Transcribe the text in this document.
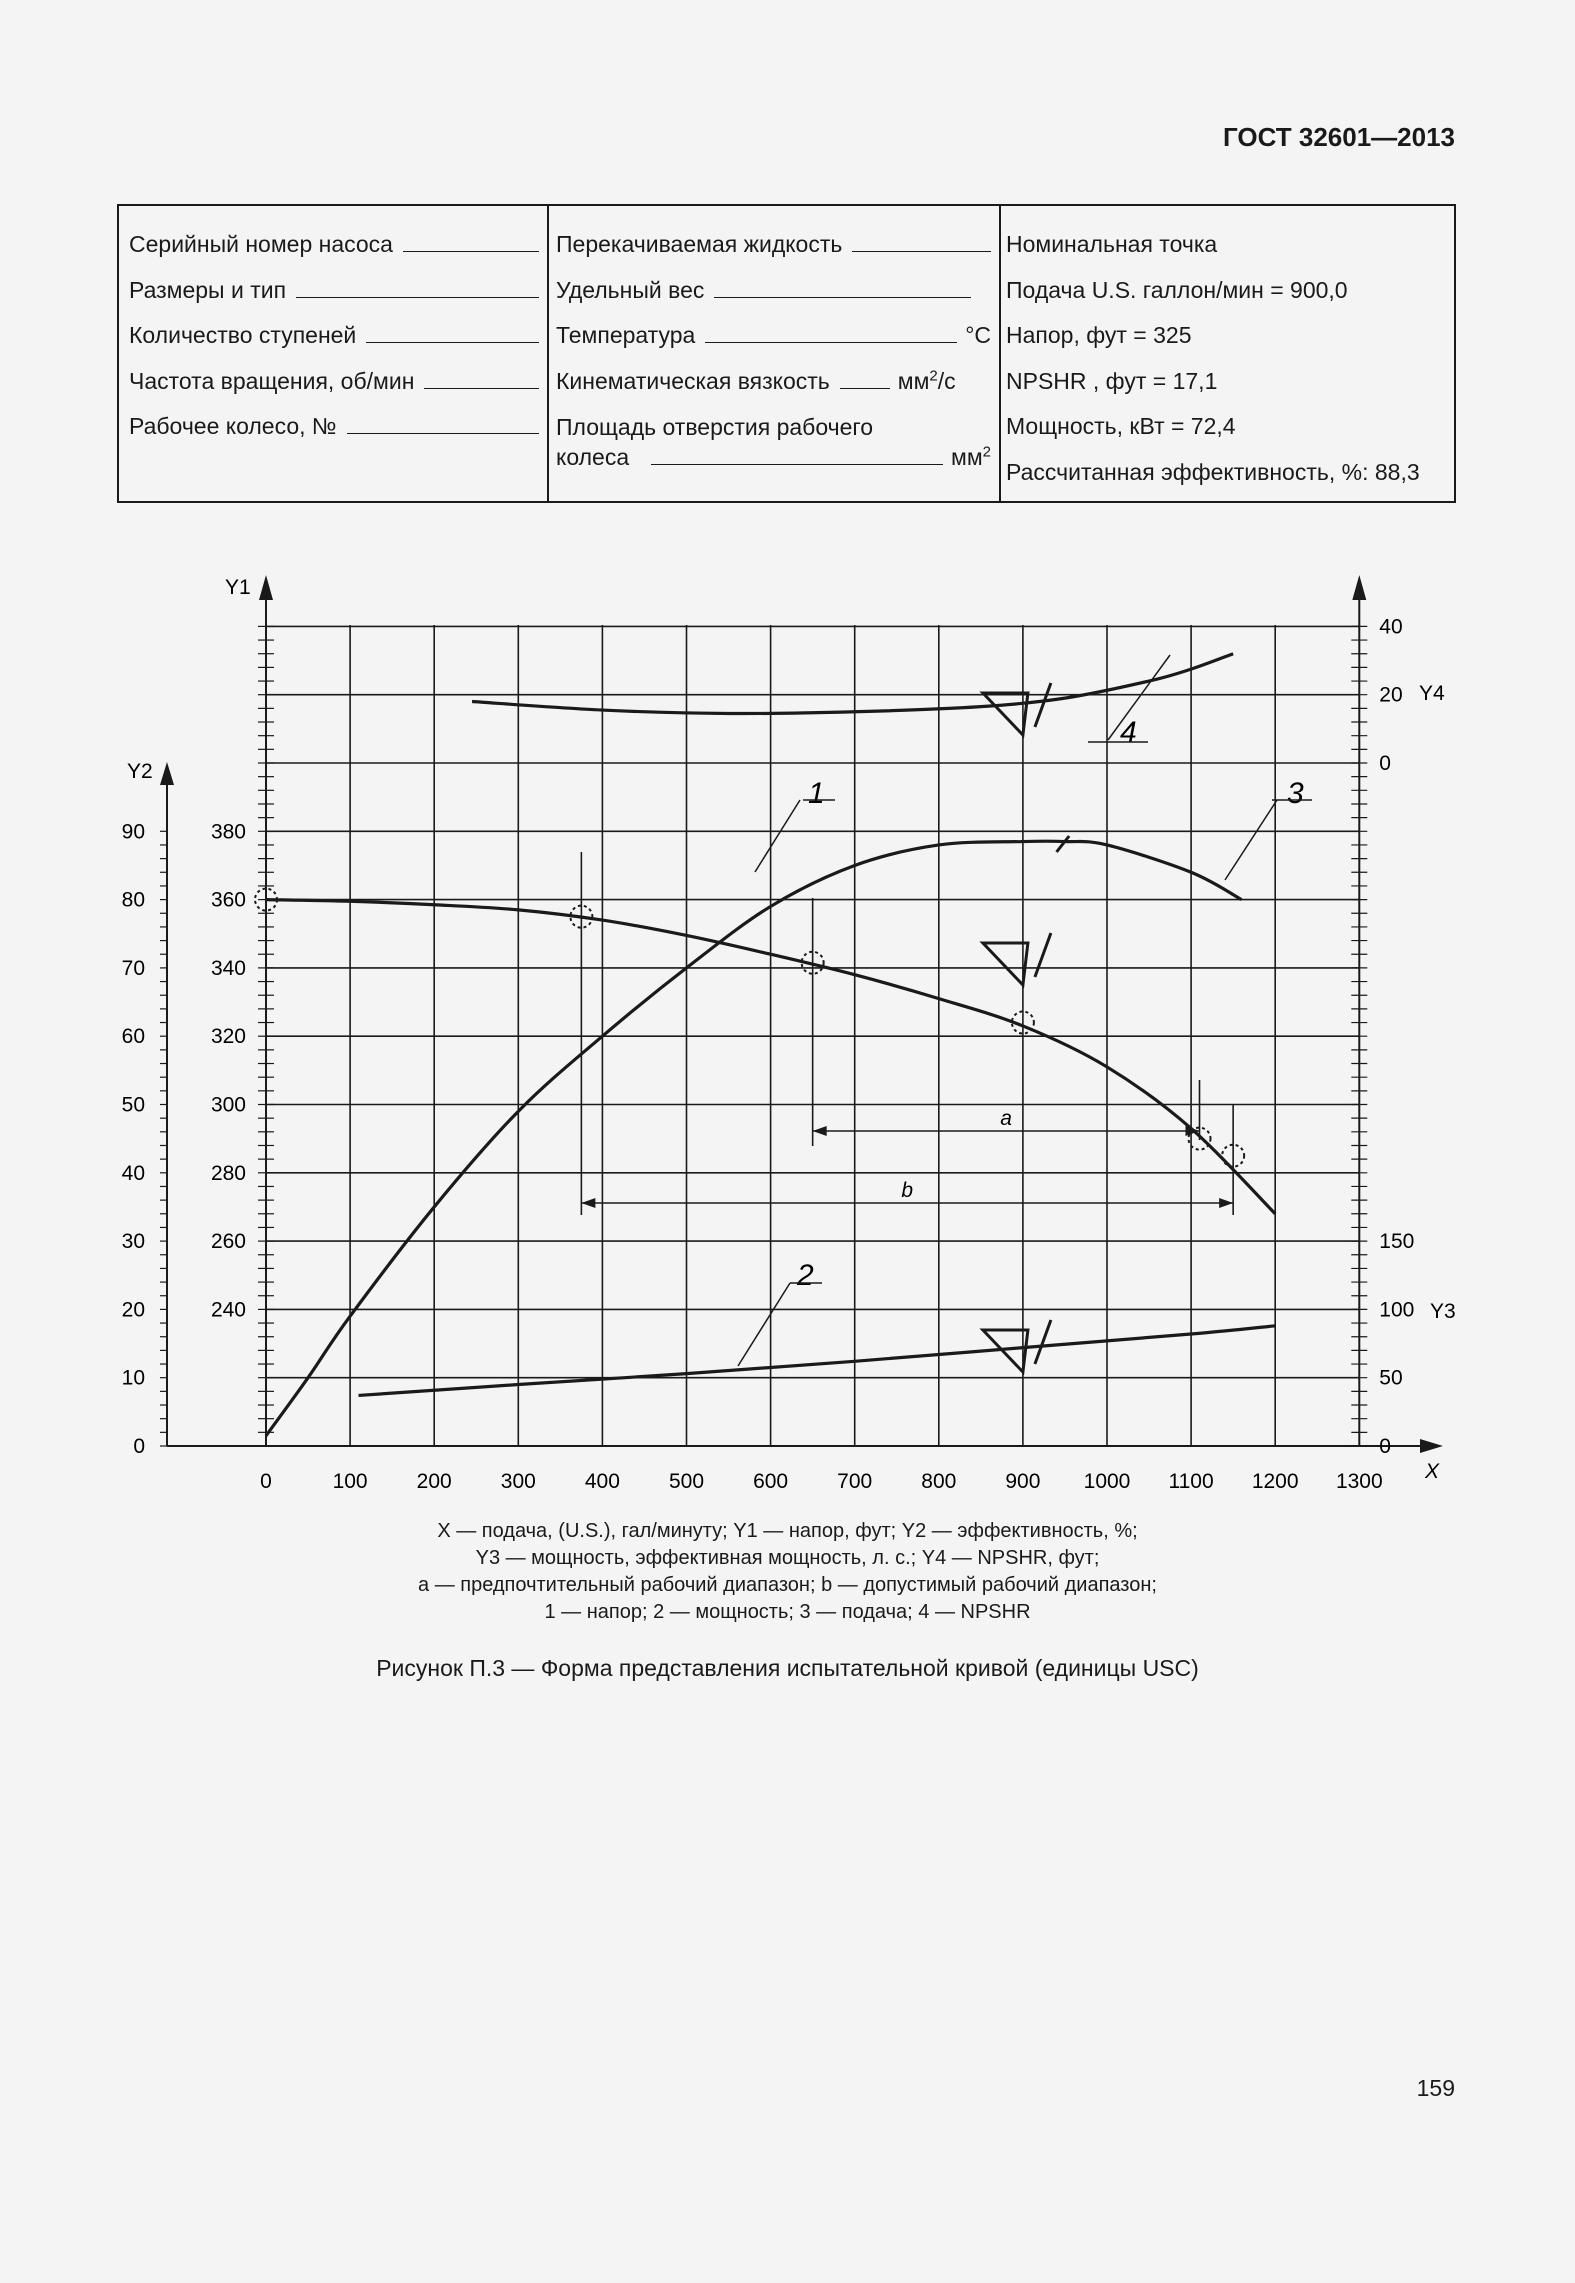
ГОСТ 32601—2013
Серийный номер насоса
Размеры и тип
Количество ступеней
Частота вращения, об/мин
Рабочее колесо, №
Перекачиваемая жидкость
Удельный вес
Температура	°C
Кинематическая вязкость	$мм^2/с$
Площадь отверстия рабочего
колеса	$мм^2$
Номинальная точка
Подача U.S. галлон/мин = 900,0
Напор, фут = 325
NPSHR , фут = 17,1
Мощность, кВт = 72,4
Рассчитанная эффективность, %: 88,3
0	100 200 300 400 500 600 700 800 900 1000 1100 1200 1300 X
240
260
280
300
320
340
360
380
Y1
0
10
20
30
40
50
60
70
80
90
Y2
0
50
100
150
Y3
0
20
40
Y4
1
2
3
4
a
b
X — подача, (U.S.), гал/минуту; Y1 — напор, фут; Y2 — эффективность, %;
Y3 — мощность, эффективная мощность, л. с.; Y4 — NPSHR, фут;
a — предпочтительный рабочий диапазон; b — допустимый рабочий диапазон;
1 — напор; 2 — мощность; 3 — подача; 4 — NPSHR
Рисунок П.3 — Форма представления испытательной кривой (единицы USC)
159
